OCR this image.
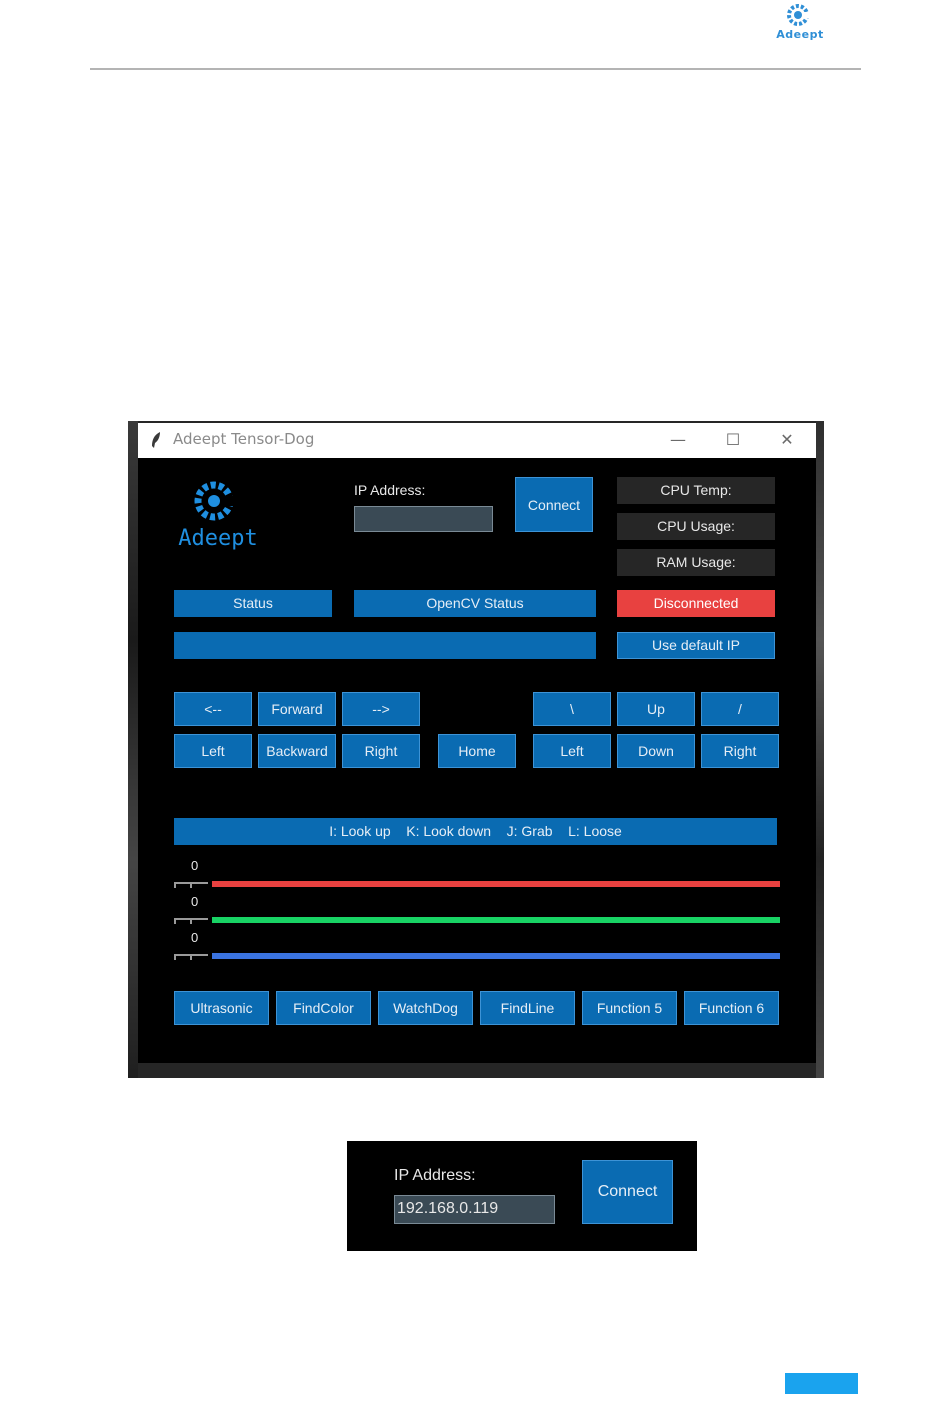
Adeept
Adeept Tensor-Dog	—	☐	✕
Adeept
IP Address:
Connect
CPU Temp:
CPU Usage:
RAM Usage:
Status	OpenCV Status	Disconnected
Use default IP
<--	Forward	-->
Left	Backward	Right	Home
\	Up	/
Left	Down	Right
I: Look up    K: Look down    J: Grab    L: Loose
0
0
0
Ultrasonic	FindColor	WatchDog	FindLine	Function 5	Function 6
IP Address:
192.168.0.119
Connect
